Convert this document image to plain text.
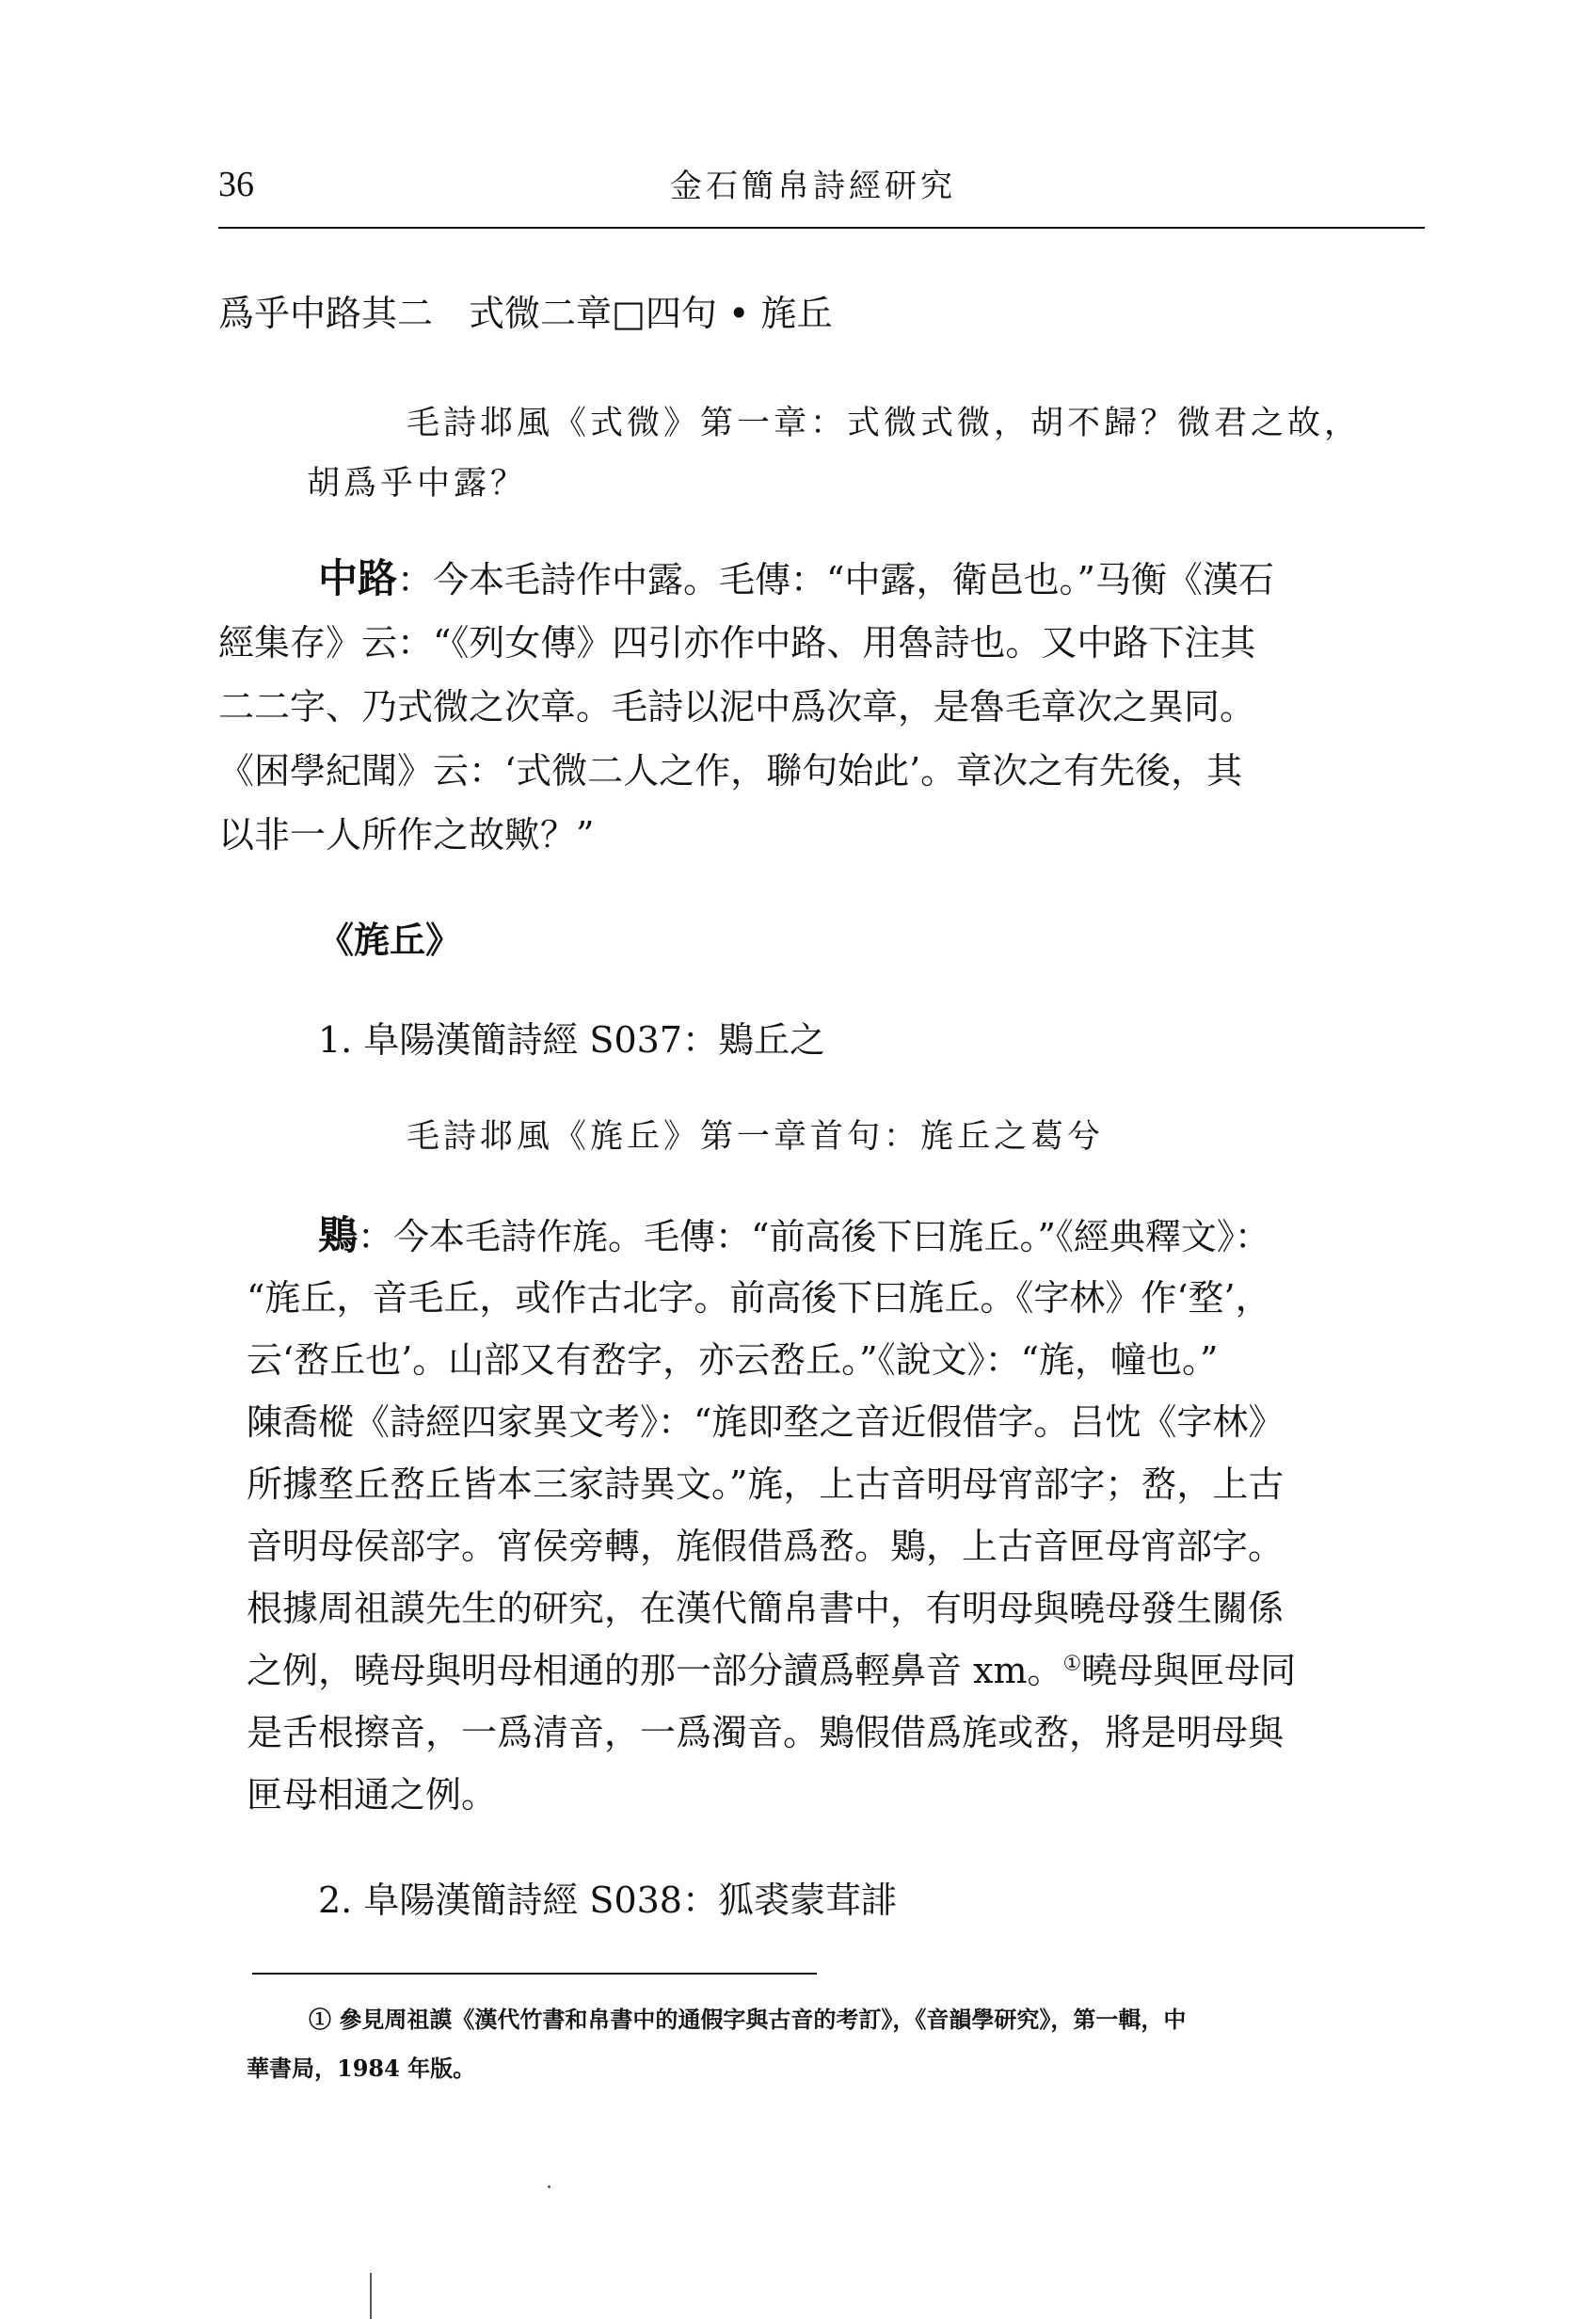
36	金石簡帛詩經研究
爲乎中路其二　式微二章□四句 • 旄丘
毛詩邶風《式微》第一章：式微式微，胡不歸？微君之故，
胡爲乎中露？
中路：今本毛詩作中露。毛傳：“中露，衛邑也。”马衡《漢石
經集存》云：“《列女傳》四引亦作中路、用魯詩也。又中路下注其
二二字、乃式微之次章。毛詩以泥中爲次章，是魯毛章次之異同。
《困學紀聞》云：‘式微二人之作，聯句始此’。章次之有先後，其
以非一人所作之故歟？”
《旄丘》
1. 阜陽漢簡詩經 S037：鶪丘之
毛詩邶風《旄丘》第一章首句：旄丘之葛兮
鶪：今本毛詩作旄。毛傳：“前高後下曰旄丘。”《經典釋文》：
“旄丘，音毛丘，或作古北字。前高後下曰旄丘。《字林》作‘堥’，
云‘嵍丘也’。山部又有嵍字，亦云嵍丘。”《說文》：“旄，幢也。”
陳喬樅《詩經四家異文考》：“旄即堥之音近假借字。吕忱《字林》
所據堥丘嵍丘皆本三家詩異文。”旄，上古音明母宵部字；嵍，上古
音明母侯部字。宵侯旁轉，旄假借爲嵍。鶪，上古音匣母宵部字。
根據周祖謨先生的研究，在漢代簡帛書中，有明母與曉母發生關係
之例，曉母與明母相通的那一部分讀爲輕鼻音 xm。①曉母與匣母同
是舌根擦音，一爲清音，一爲濁音。鶪假借爲旄或嵍，將是明母與
匣母相通之例。
2. 阜陽漢簡詩經 S038：狐裘蒙茸誹
① 參見周祖謨《漢代竹書和帛書中的通假字與古音的考訂》，《音韻學研究》，第一輯，中
華書局，1984 年版。
